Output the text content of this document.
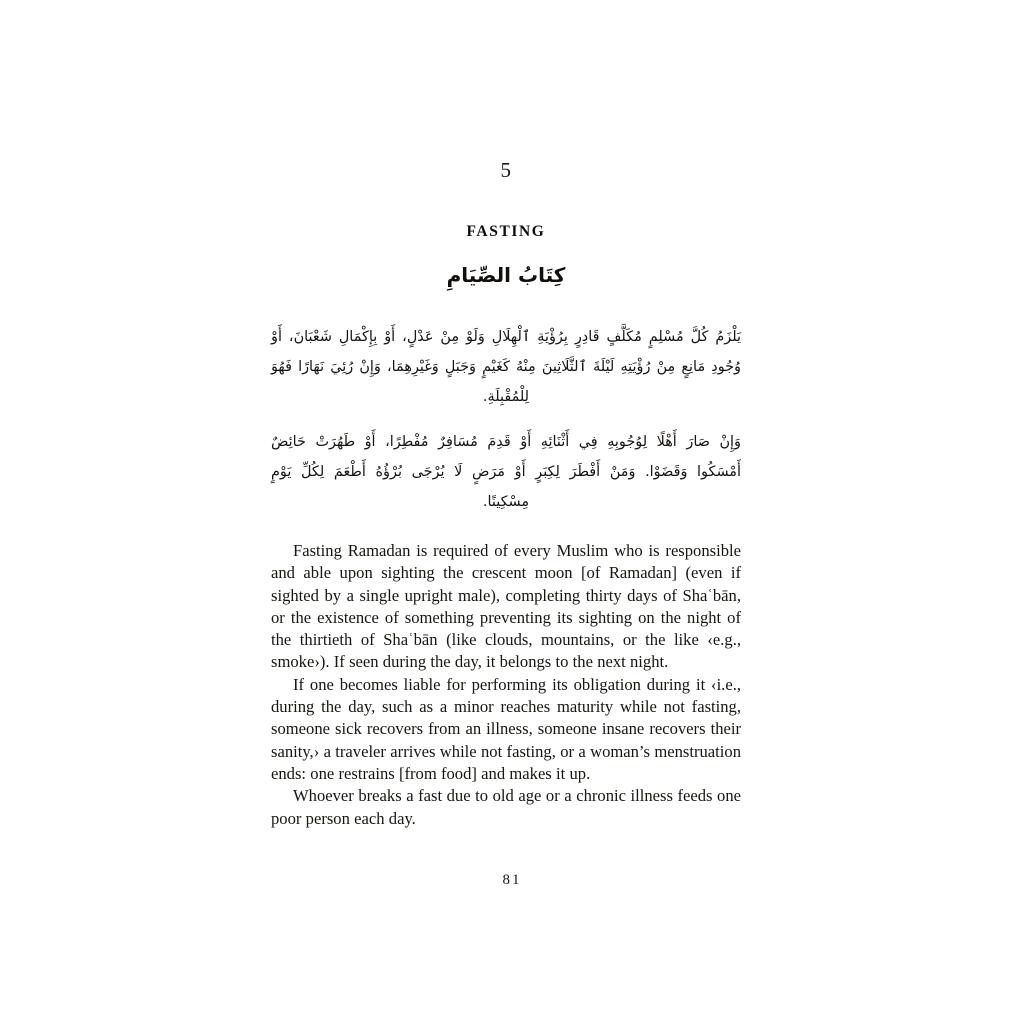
5
FASTING
كِتَابُ الصِّيَامِ

يَلْزَمُ كُلَّ مُسْلِمٍ مُكَلَّفٍ قَادِرٍ بِرُؤْيَةِ ٱلْهِلَالِ وَلَوْ مِنْ عَدْلٍ، أَوْ بِإِكْمَالِ شَعْبَانَ، أَوْ وُجُودِ مَانِعٍ مِنْ رُؤْيَتِهِ لَيْلَةَ ٱلثَّلَاثِينَ مِنْهُ كَغَيْمٍ وَجَبَلٍ وَغَيْرِهِمَا، وَإِنْ رُئِيَ نَهَارًا فَهُوَ لِلْمُقْبِلَةِ.

وَإِنْ صَارَ أَهْلًا لِوُجُوبِهِ فِي أَثْنَائِهِ أَوْ قَدِمَ مُسَافِرٌ مُفْطِرًا، أَوْ طَهُرَتْ حَائِضٌ أَمْسَكُوا وَقَضَوْا. وَمَنْ أَفْطَرَ لِكِبَرٍ أَوْ مَرَضٍ لَا يُرْجَى بُرْؤُهُ أَطْعَمَ لِكُلِّ يَوْمٍ مِسْكِينًا.

Fasting Ramadan is required of every Muslim who is responsible and able upon sighting the crescent moon [of Ramadan] (even if sighted by a single upright male), completing thirty days of Shaʿbān, or the existence of something preventing its sighting on the night of the thirtieth of Shaʿbān (like clouds, mountains, or the like ‹e.g., smoke›). If seen during the day, it belongs to the next night.

If one becomes liable for performing its obligation during it ‹i.e., during the day, such as a minor reaches maturity while not fasting, someone sick recovers from an illness, someone insane recovers their sanity,› a traveler arrives while not fasting, or a woman’s menstruation ends: one restrains [from food] and makes it up.

Whoever breaks a fast due to old age or a chronic illness feeds one poor person each day.

81
